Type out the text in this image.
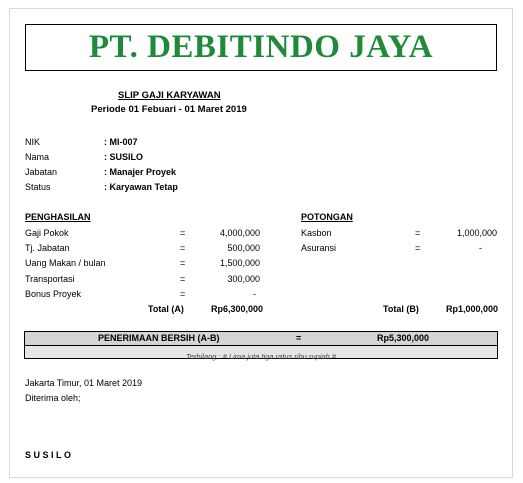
PT. DEBITINDO JAYA
SLIP GAJI KARYAWAN
Periode 01 Febuari - 01 Maret 2019
NIK	: MI-007
Nama	: SUSILO
Jabatan	: Manajer Proyek
Status	: Karyawan Tetap
PENGHASILAN
Gaji Pokok	=	4,000,000
Tj. Jabatan	=	500,000
Uang Makan / bulan	=	1,500,000
Transportasi	=	300,000
Bonus Proyek	=	-
Total (A)	Rp6,300,000
POTONGAN
Kasbon	=	1,000,000
Asuransi	=	-
Total (B)	Rp1,000,000
PENERIMAAN BERSIH (A-B)	=	Rp5,300,000
Terbilang : # Lima juta tiga ratus ribu rupiah #
Jakarta Timur, 01 Maret 2019
Diterima oleh;
SUSILO
